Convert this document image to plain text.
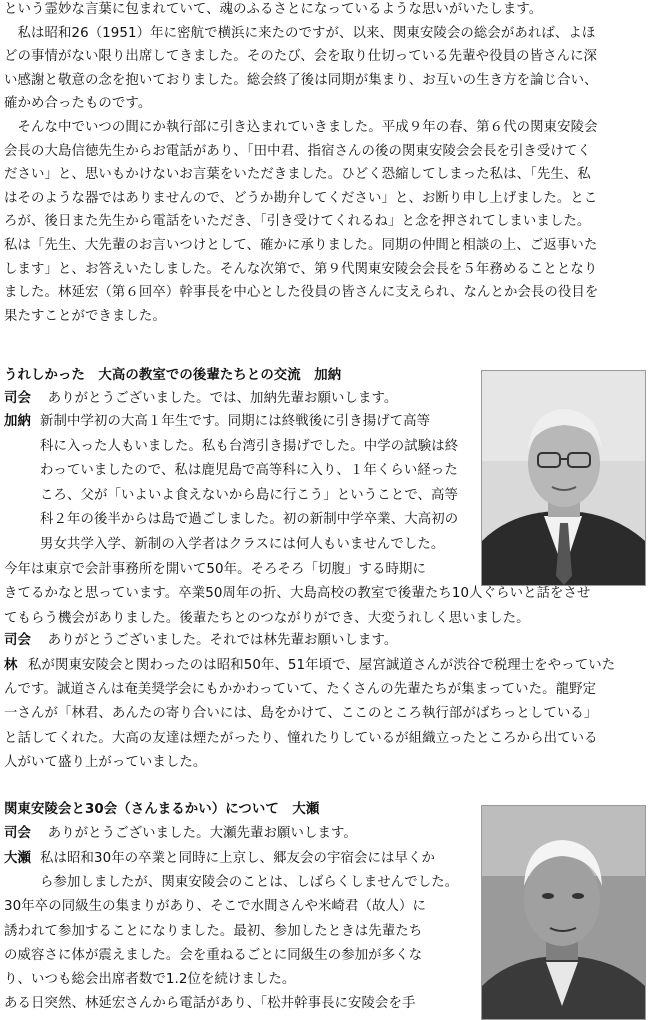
という霊妙な言葉に包まれていて、魂のふるさとになっているような思いがいたします。
　私は昭和26（1951）年に密航で横浜に来たのですが、以来、関東安陵会の総会があれば、よほ
どの事情がない限り出席してきました。そのたび、会を取り仕切っている先輩や役員の皆さんに深
い感謝と敬意の念を抱いておりました。総会終了後は同期が集まり、お互いの生き方を論じ合い、
確かめ合ったものです。
　そんな中でいつの間にか執行部に引き込まれていきました。平成９年の春、第６代の関東安陵会
会長の大島信徳先生からお電話があり、「田中君、指宿さんの後の関東安陵会会長を引き受けてく
ださい」と、思いもかけないお言葉をいただきました。ひどく恐縮してしまった私は、「先生、私
はそのような器ではありませんので、どうか勘弁してください」と、お断り申し上げました。とこ
ろが、後日また先生から電話をいただき、「引き受けてくれるね」と念を押されてしまいました。
私は「先生、大先輩のお言いつけとして、確かに承りました。同期の仲間と相談の上、ご返事いた
します」と、お答えいたしました。そんな次第で、第９代関東安陵会会長を５年務めることとなり
ました。林延宏（第６回卒）幹事長を中心とした役員の皆さんに支えられ、なんとか会長の役目を
果たすことができました。
うれしかった　大高の教室での後輩たちとの交流　加納
司会 ありがとうございました。では、加納先輩お願いします。
加納 新制中学初の大高１年生です。同期には終戦後に引き揚げて高等
科に入った人もいました。私も台湾引き揚げでした。中学の試験は終
わっていましたので、私は鹿児島で高等科に入り、１年くらい経った
ころ、父が「いよいよ食えないから島に行こう」ということで、高等
科２年の後半からは島で過ごしました。初の新制中学卒業、大高初の
男女共学入学、新制の入学者はクラスには何人もいませんでした。
今年は東京で会計事務所を開いて50年。そろそろ「切腹」する時期に
きてるかなと思っています。卒業50周年の折、大島高校の教室で後輩たち10人ぐらいと話をさせ
てもらう機会がありました。後輩たちとのつながりができ、大変うれしく思いました。
司会 ありがとうございました。それでは林先輩お願いします。
林 私が関東安陵会と関わったのは昭和50年、51年頃で、屋宮誠道さんが渋谷で税理士をやっていた
んです。誠道さんは奄美奨学会にもかかわっていて、たくさんの先輩たちが集まっていた。龍野定
一さんが「林君、あんたの寄り合いには、島をかけて、ここのところ執行部がばちっとしている」
と話してくれた。大高の友達は煙たがったり、憧れたりしているが組織立ったところから出ている
人がいて盛り上がっていました。
関東安陵会と30会（さんまるかい）について　大瀬
司会 ありがとうございました。大瀬先輩お願いします。
大瀬 私は昭和30年の卒業と同時に上京し、郷友会の宇宿会には早くか
ら参加しましたが、関東安陵会のことは、しばらくしませんでした。
30年卒の同級生の集まりがあり、そこで水間さんや米崎君（故人）に
誘われて参加することになりました。最初、参加したときは先輩たち
の威容さに体が震えました。会を重ねるごとに同級生の参加が多くな
り、いつも総会出席者数で1.2位を続けました。
ある日突然、林延宏さんから電話があり、「松井幹事長に安陵会を手
